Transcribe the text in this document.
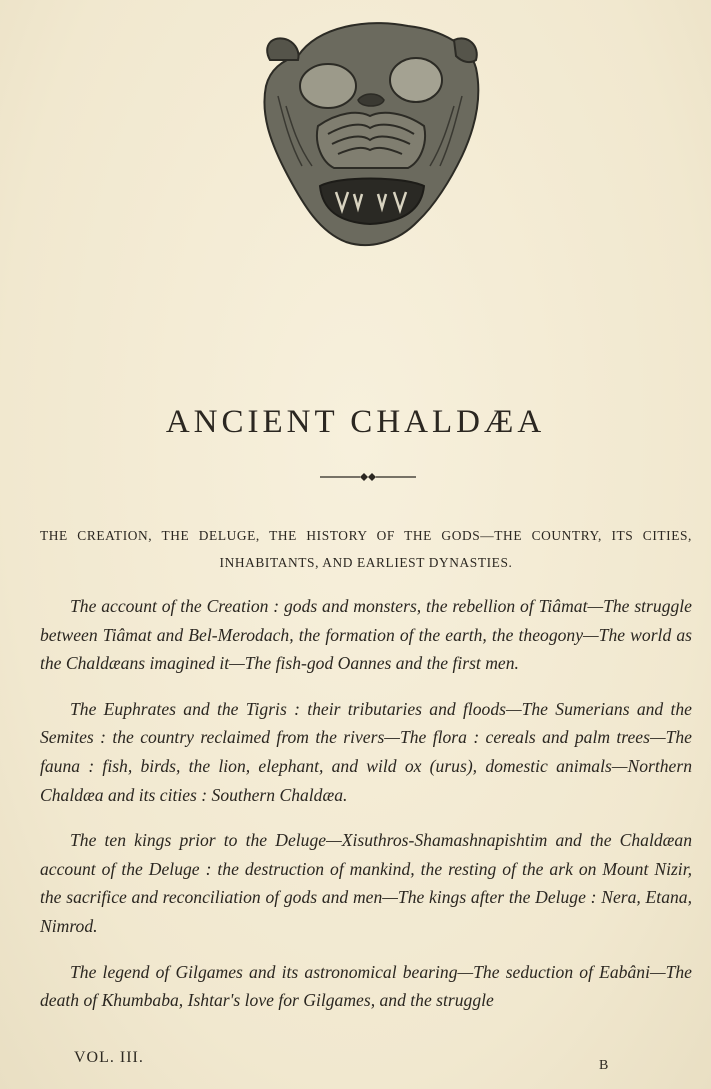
ANCIENT CHALDÆA
THE CREATION, THE DELUGE, THE HISTORY OF THE GODS—THE COUNTRY, ITS CITIES, INHABITANTS, AND EARLIEST DYNASTIES.

The account of the Creation : gods and monsters, the rebellion of Tiâmat—The struggle between Tiâmat and Bel-Merodach, the formation of the earth, the theogony—The world as the Chaldæans imagined it—The fish-god Oannes and the first men.

The Euphrates and the Tigris : their tributaries and floods—The Sumerians and the Semites : the country reclaimed from the rivers—The flora : cereals and palm trees—The fauna : fish, birds, the lion, elephant, and wild ox (urus), domestic animals—Northern Chaldæa and its cities : Southern Chaldæa.

The ten kings prior to the Deluge—Xisuthros-Shamashnapishtim and the Chaldæan account of the Deluge : the destruction of mankind, the resting of the ark on Mount Nizir, the sacrifice and reconciliation of gods and men—The kings after the Deluge : Nera, Etana, Nimrod.

The legend of Gilgames and its astronomical bearing—The seduction of Eabâni—The death of Khumbaba, Ishtar's love for Gilgames, and the struggle

VOL. III.	B
